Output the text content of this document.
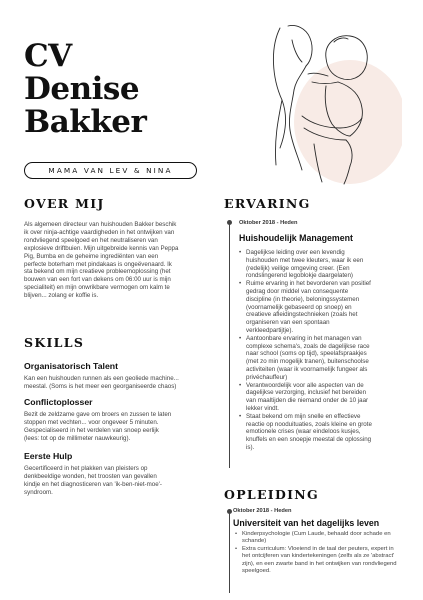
CV
Denise
Bakker
MAMA VAN LEV & NINA
OVER MIJ
Als algemeen directeur van huishouden Bakker beschik
ik over ninja-achtige vaardigheden in het ontwijken van
rondvliegend speelgoed en het neutraliseren van
explosieve driftbuien. Mijn uitgebreide kennis van Peppa
Pig, Bumba en de geheime ingrediënten van een
perfecte boterham met pindakaas is ongeëvenaard. Ik
sta bekend om mijn creatieve probleemoplossing (het
bouwen van een fort van dekens om 06:00 uur is mijn
specialiteit) en mijn onwrikbare vermogen om kalm te
blijven... zolang er koffie is.
SKILLS
Organisatorisch Talent
Kan een huishouden runnen als een geoliede machine...
meestal. (Soms is het meer een georganiseerde chaos)
Conflictoplosser
Bezit de zeldzame gave om broers en zussen te laten
stoppen met vechten... voor ongeveer 5 minuten.
Gespecialiseerd in het verdelen van snoep eerlijk
(lees: tot op de millimeter nauwkeurig).
Eerste Hulp
Gecertificeerd in het plakken van pleisters op
denkbeeldige wonden, het troosten van gevallen
kindje en het diagnosticeren van 'ik-ben-niet-moe'-
syndroom.
ERVARING
Oktober 2018 - Heden
Huishoudelijk Management
• Dagelijkse leiding over een levendig
huishouden met twee kleuters, waar ik een
(redelijk) veilige omgeving creer. (Een
rondslingerend legoblokje daargelaten)
• Ruime ervaring in het bevorderen van positief
gedrag door middel van consequente
discipline (in theorie), beloningssystemen
(voornamelijk gebaseerd op snoep) en
creatieve afleidingstechnieken (zoals het
organiseren van een spontaan
verkleedpartijtje).
• Aantoonbare ervaring in het managen van
complexe schema's, zoals de dagelijkse race
naar school (soms op tijd), speelafspraakjes
(met zo min mogelijk tranen), buitenschoolse
activiteiten (waar ik voornamelijk fungeer als
privéchauffeur)
• Verantwoordelijk voor alle aspecten van de
dagelijkse verzorging, inclusief het bereiden
van maaltijden die niemand onder de 10 jaar
lekker vindt.
• Staat bekend om mijn snelle en effectieve
reactie op nooduituaties, zoals kleine en grote
emotionele crises (waar eindeloos kusjes,
knuffels en een snoepje meestal de oplossing
is).
OPLEIDING
Oktober 2018 - Heden
Universiteit van het dagelijks leven
• Kinderpsychologie (Cum Laude, behaald door schade en
schande)
• Extra curriculum: Vloeiend in de taal der peuters, expert in
het ontcijferen van kindertekeningen (zelfs als ze 'abstract'
zijn), en een zwarte band in het ontwijken van rondvliegend
speelgoed.
